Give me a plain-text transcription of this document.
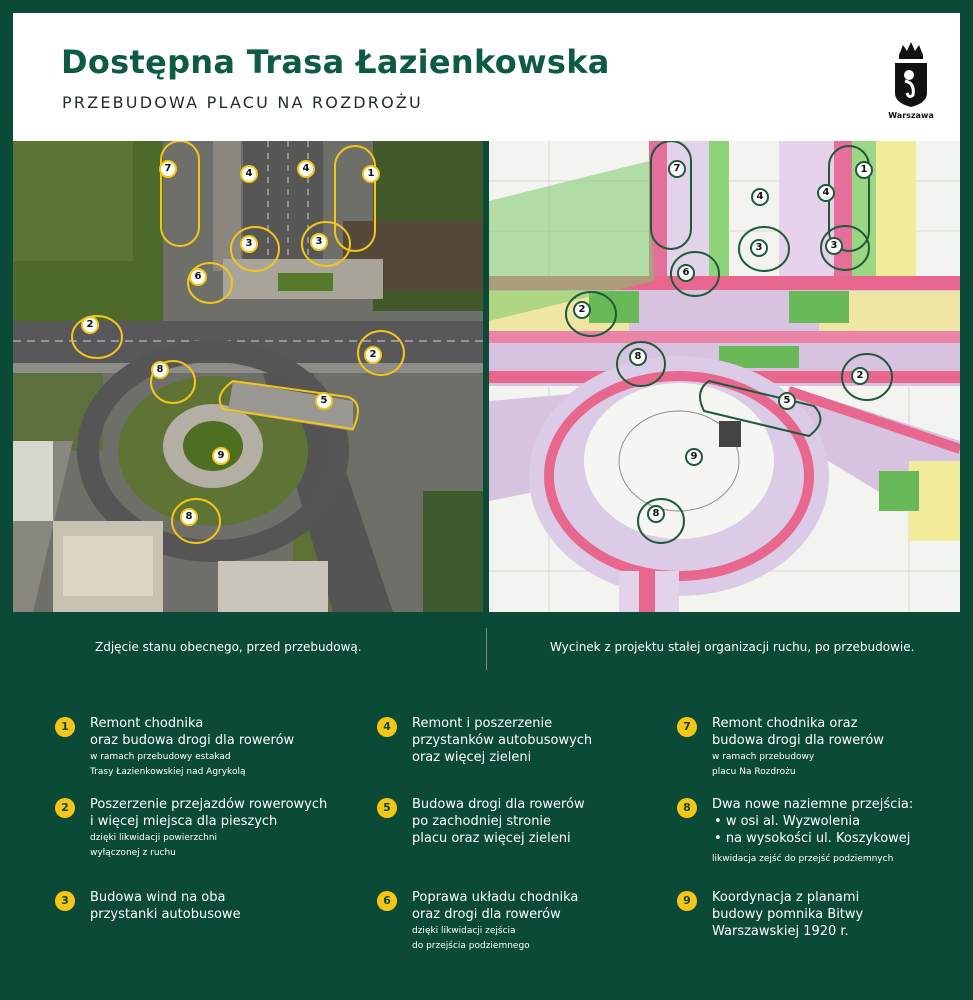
Dostępna Trasa Łazienkowska
PRZEBUDOWA PLACU NA ROZDROŻU
Warszawa
7	4	4	1
3	3
6
2
2
8
5
9
8
7
4	4
1
3	3
6
2
8
2
5
9
8
Zdjęcie stanu obecnego, przed przebudową.	Wycinek z projektu stałej organizacji ruchu, po przebudowie.
1	Remont chodnika
oraz budowa drogi dla rowerów
w ramach przebudowy estakad
Trasy Łazienkowskiej nad Agrykolą
2	Poszerzenie przejazdów rowerowych
i więcej miejsca dla pieszych
dzięki likwidacji powierzchni
wyłączonej z ruchu
3	Budowa wind na oba
przystanki autobusowe
4	Remont i poszerzenie
przystanków autobusowych
oraz więcej zieleni
5	Budowa drogi dla rowerów
po zachodniej stronie
placu oraz więcej zieleni
6	Poprawa układu chodnika
oraz drogi dla rowerów
dzięki likwidacji zejścia
do przejścia podziemnego
7	Remont chodnika oraz
budowa drogi dla rowerów
w ramach przebudowy
placu Na Rozdrożu
8	Dwa nowe naziemne przejścia:
• w osi al. Wyzwolenia
• na wysokości ul. Koszykowej
likwidacja zejść do przejść podziemnych
9	Koordynacja z planami
budowy pomnika Bitwy
Warszawskiej 1920 r.
